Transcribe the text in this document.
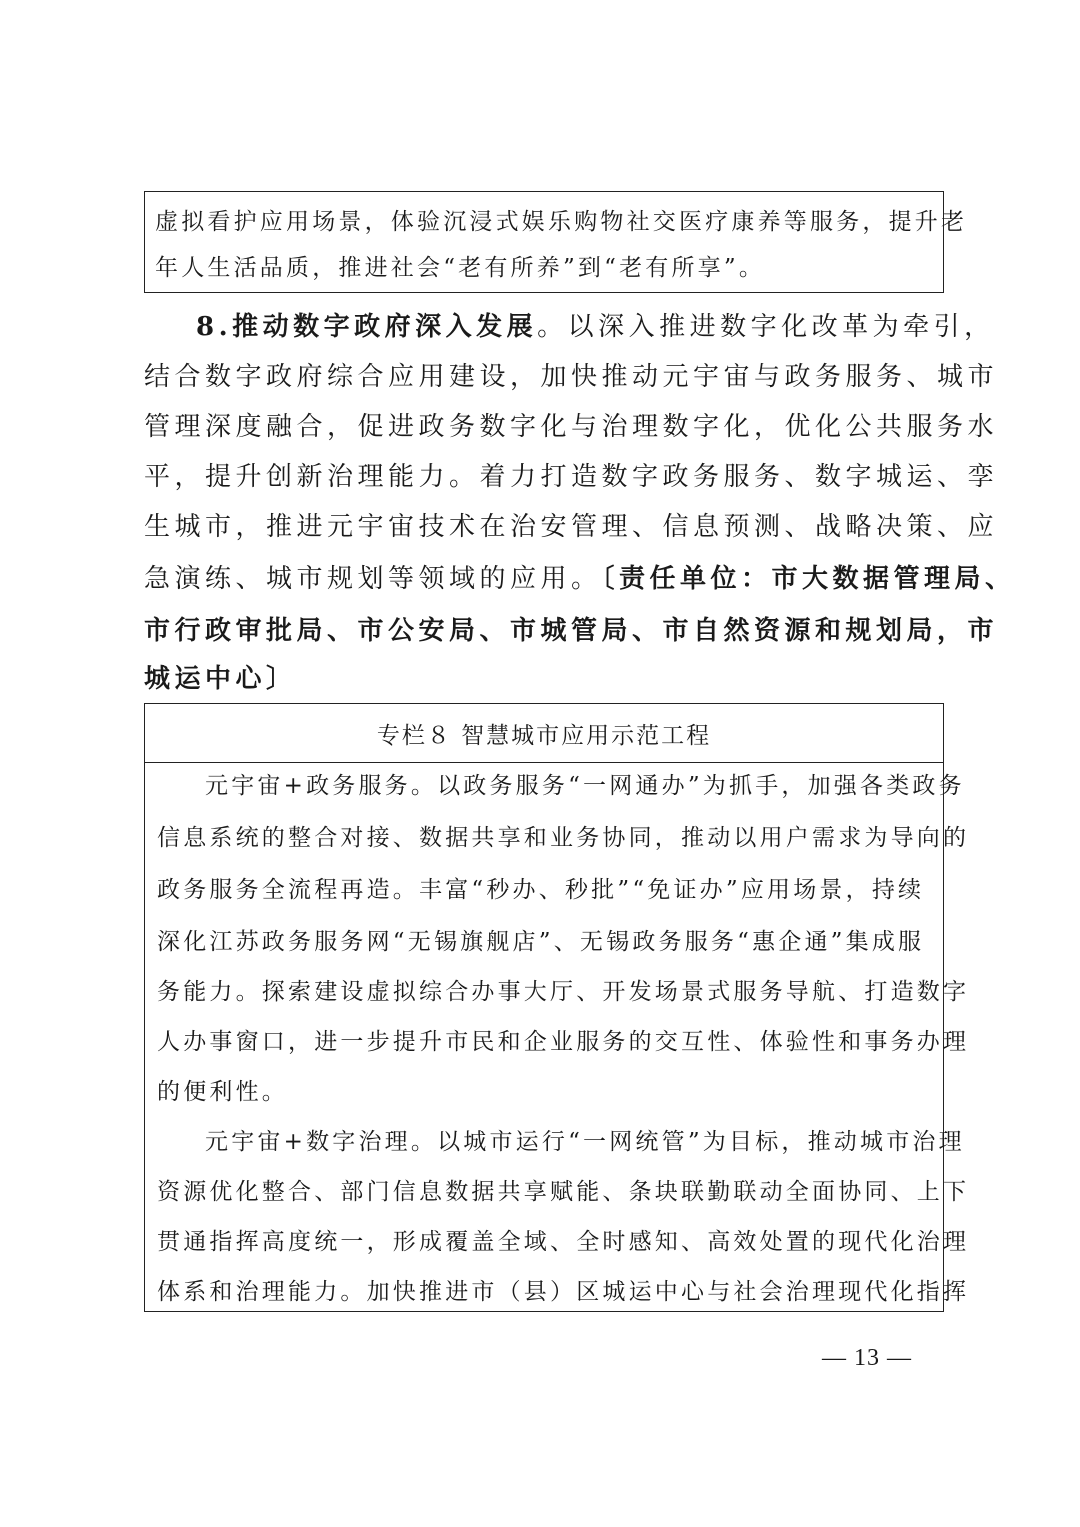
虚拟看护应用场景，体验沉浸式娱乐购物社交医疗康养等服务，提升老
年人生活品质，推进社会“老有所养”到“老有所享”。
8.推动数字政府深入发展。以深入推进数字化改革为牵引，
结合数字政府综合应用建设，加快推动元宇宙与政务服务、城市
管理深度融合，促进政务数字化与治理数字化，优化公共服务水
平，提升创新治理能力。着力打造数字政务服务、数字城运、孪
生城市，推进元宇宙技术在治安管理、信息预测、战略决策、应
急演练、城市规划等领域的应用。〔责任单位：市大数据管理局、
市行政审批局、市公安局、市城管局、市自然资源和规划局，市
城运中心〕
专栏８ 智慧城市应用示范工程
元宇宙+政务服务。以政务服务“一网通办”为抓手，加强各类政务
信息系统的整合对接、数据共享和业务协同，推动以用户需求为导向的
政务服务全流程再造。丰富“秒办、秒批”“免证办”应用场景，持续
深化江苏政务服务网“无锡旗舰店”、无锡政务服务“惠企通”集成服
务能力。探索建设虚拟综合办事大厅、开发场景式服务导航、打造数字
人办事窗口，进一步提升市民和企业服务的交互性、体验性和事务办理
的便利性。
元宇宙+数字治理。以城市运行“一网统管”为目标，推动城市治理
资源优化整合、部门信息数据共享赋能、条块联勤联动全面协同、上下
贯通指挥高度统一，形成覆盖全域、全时感知、高效处置的现代化治理
体系和治理能力。加快推进市（县）区城运中心与社会治理现代化指挥
— 13 —
